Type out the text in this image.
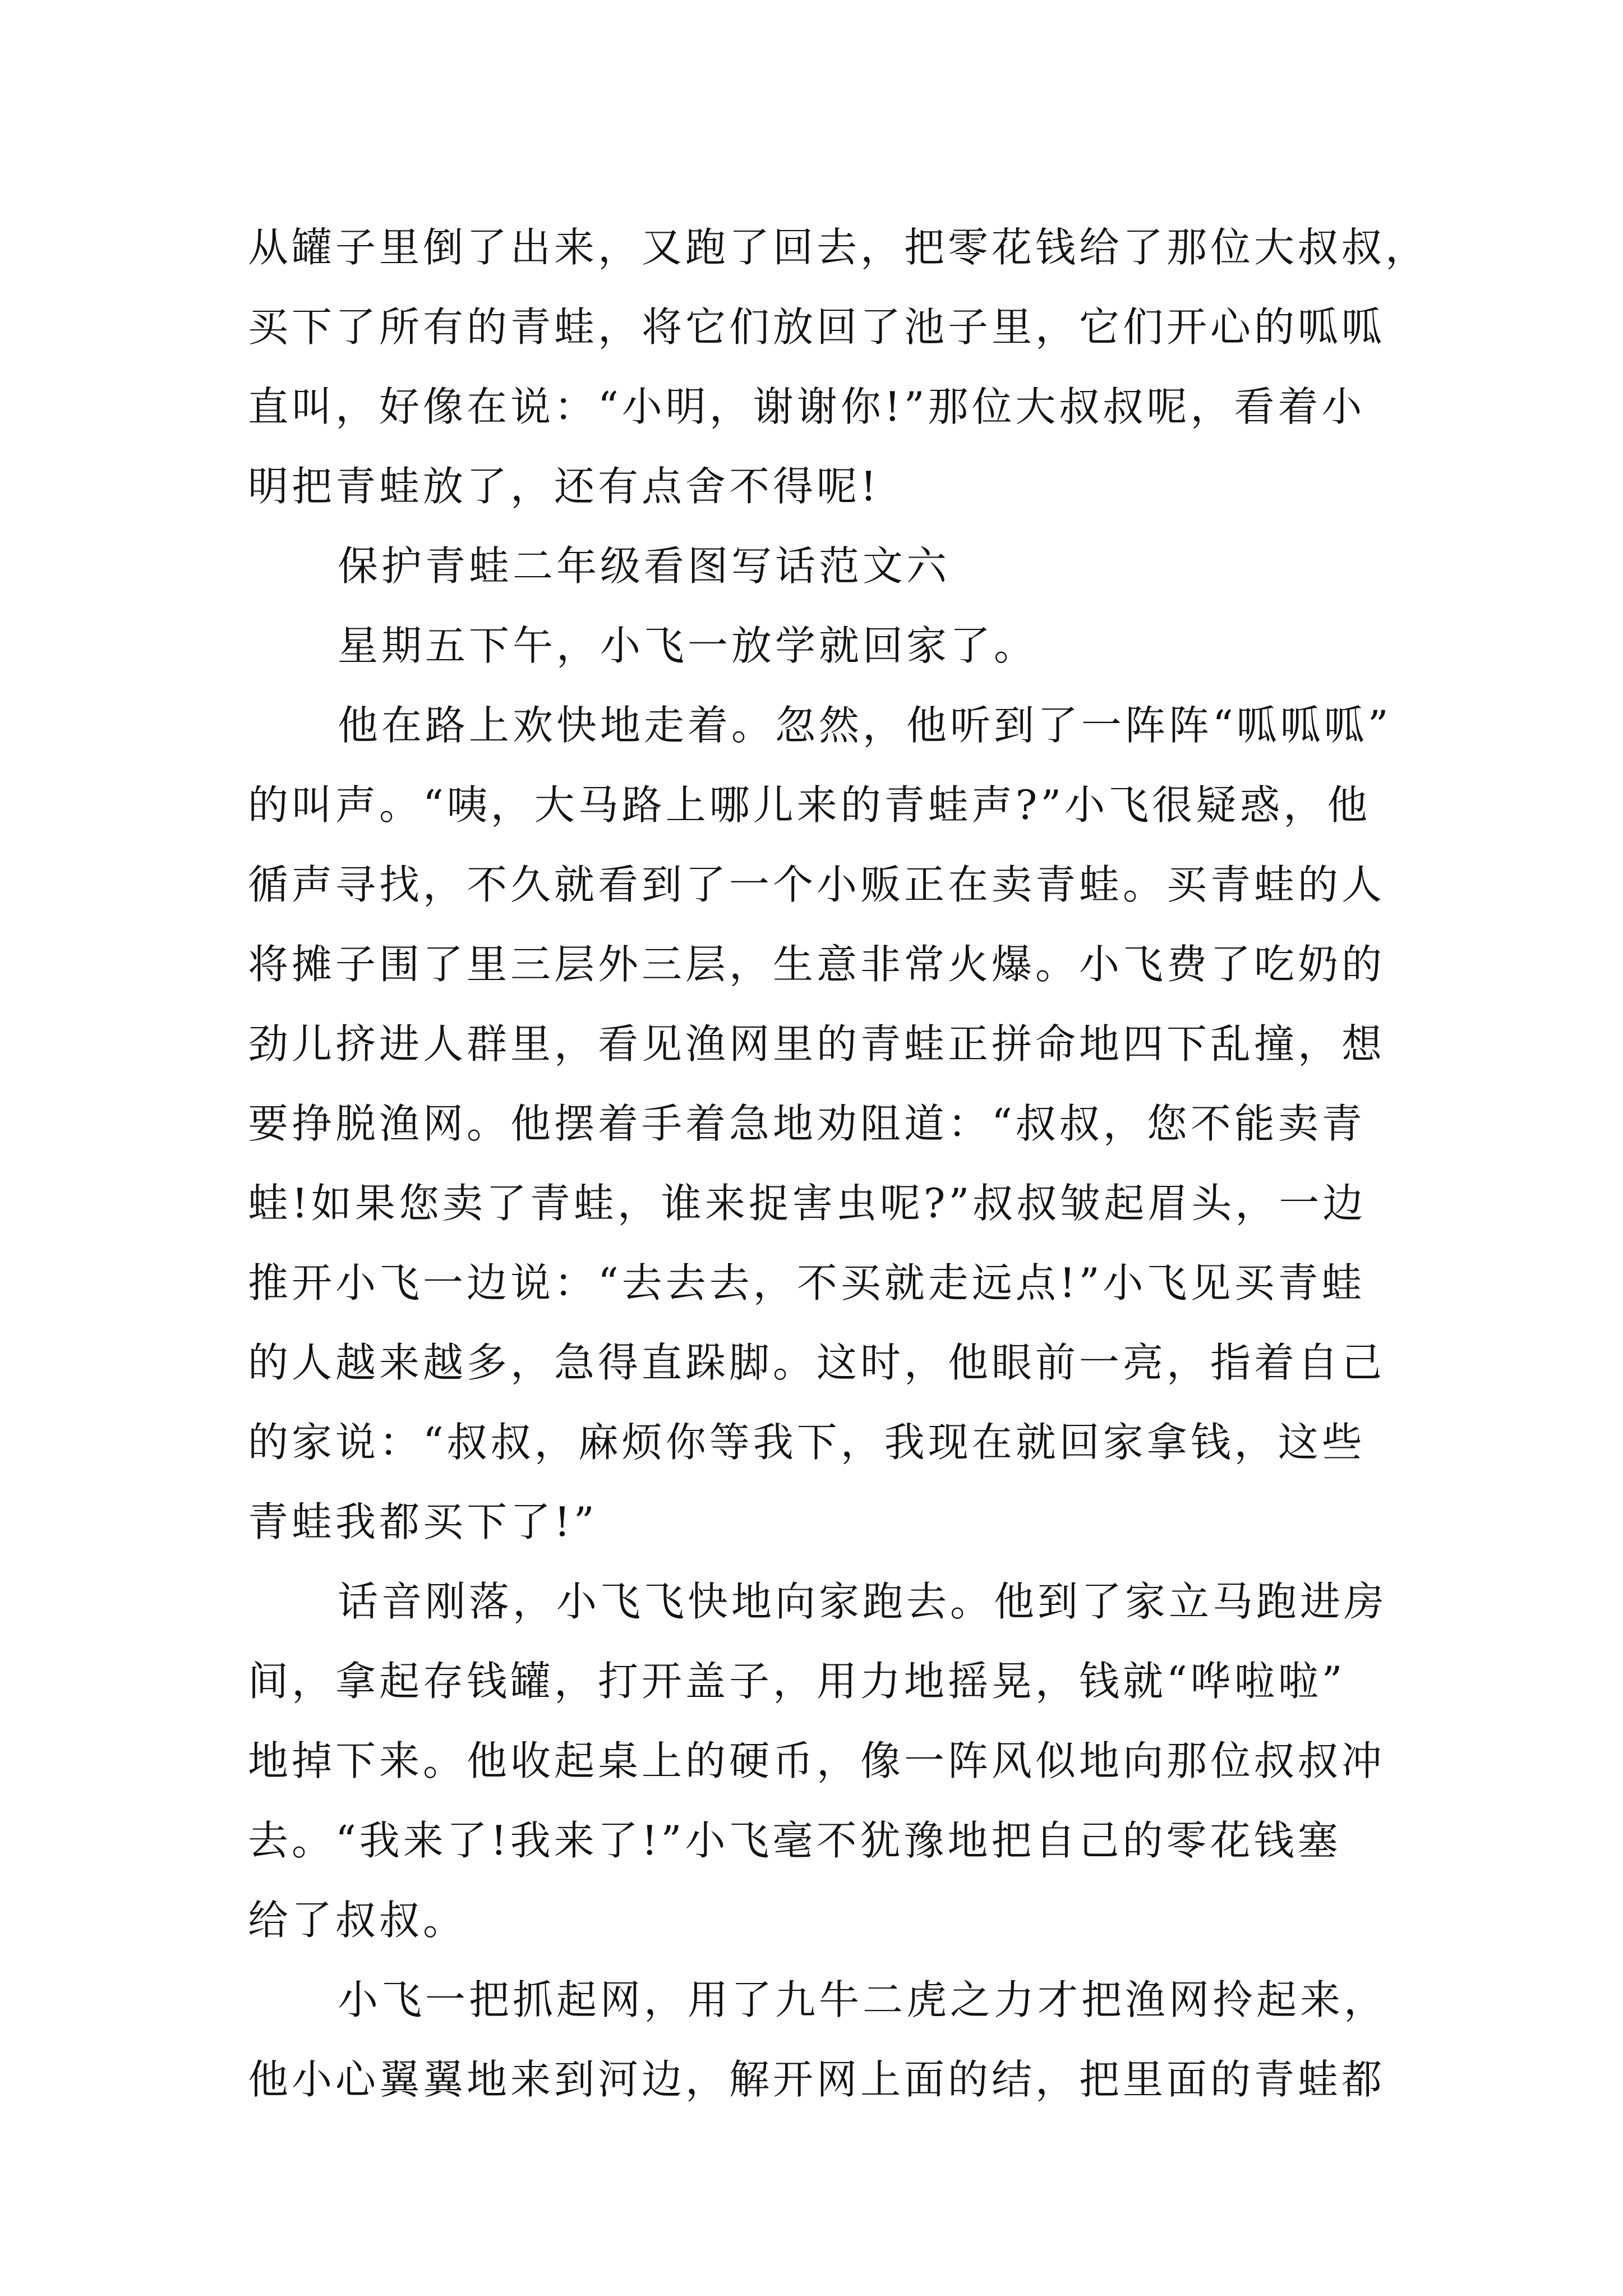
从罐子里倒了出来，又跑了回去，把零花钱给了那位大叔叔，
买下了所有的青蛙，将它们放回了池子里，它们开心的呱呱
直叫，好像在说：“小明，谢谢你!”那位大叔叔呢，看着小
明把青蛙放了，还有点舍不得呢!
保护青蛙二年级看图写话范文六
星期五下午，小飞一放学就回家了。
他在路上欢快地走着。忽然，他听到了一阵阵“呱呱呱”
的叫声。“咦，大马路上哪儿来的青蛙声?”小飞很疑惑，他
循声寻找，不久就看到了一个小贩正在卖青蛙。买青蛙的人
将摊子围了里三层外三层，生意非常火爆。小飞费了吃奶的
劲儿挤进人群里，看见渔网里的青蛙正拼命地四下乱撞，想
要挣脱渔网。他摆着手着急地劝阻道：“叔叔，您不能卖青
蛙!如果您卖了青蛙，谁来捉害虫呢?”叔叔皱起眉头，一边
推开小飞一边说：“去去去，不买就走远点!”小飞见买青蛙
的人越来越多，急得直跺脚。这时，他眼前一亮，指着自己
的家说：“叔叔，麻烦你等我下，我现在就回家拿钱，这些
青蛙我都买下了!”
话音刚落，小飞飞快地向家跑去。他到了家立马跑进房
间，拿起存钱罐，打开盖子，用力地摇晃，钱就“哗啦啦”
地掉下来。他收起桌上的硬币，像一阵风似地向那位叔叔冲
去。“我来了!我来了!”小飞毫不犹豫地把自己的零花钱塞
给了叔叔。
小飞一把抓起网，用了九牛二虎之力才把渔网拎起来，
他小心翼翼地来到河边，解开网上面的结，把里面的青蛙都
